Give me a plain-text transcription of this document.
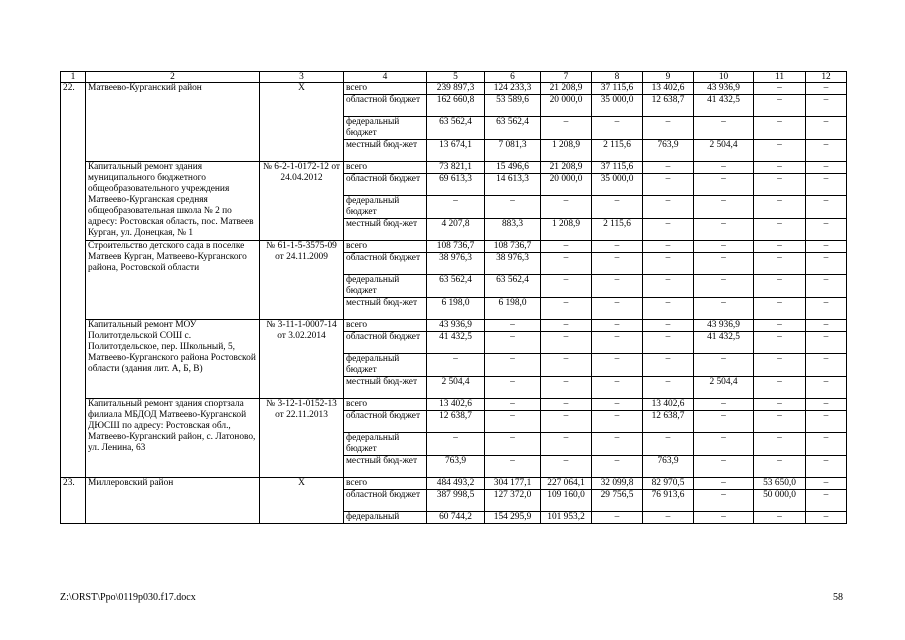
1	2	3	4	5	6	7	8	9	10	11	12
22.	Матвеево-Курганский район	Х	всего	239 897,3	124 233,3	21 208,9	37 115,6	13 402,6	43 936,9	–	–
			областной бюджет	162 660,8	53 589,6	20 000,0	35 000,0	12 638,7	41 432,5	–	–
			федеральный бюджет	63 562,4	63 562,4	–	–	–	–	–	–
			местный бюд-жет	13 674,1	7 081,3	1 208,9	2 115,6	763,9	2 504,4	–	–
	Капитальный ремонт здания муниципального бюджетного общеобразовательного учреждения Матвеево-Курганская средняя общеобразовательная школа № 2 по адресу: Ростовская область, пос. Матвеев Курган, ул. Донецкая, № 1	№ 6-2-1-0172-12 от 24.04.2012	всего	73 821,1	15 496,6	21 208,9	37 115,6	–	–	–	–
			областной бюджет	69 613,3	14 613,3	20 000,0	35 000,0	–	–	–	–
			федеральный бюджет	–	–	–	–	–	–	–	–
			местный бюд-жет	4 207,8	883,3	1 208,9	2 115,6	–	–	–	–
	Строительство детского сада в поселке Матвеев Курган, Матвеево-Курганского района, Ростовской области	№ 61-1-5-3575-09 от 24.11.2009	всего	108 736,7	108 736,7	–	–	–	–	–	–
			областной бюджет	38 976,3	38 976,3	–	–	–	–	–	–
			федеральный бюджет	63 562,4	63 562,4	–	–	–	–	–	–
			местный бюд-жет	6 198,0	6 198,0	–	–	–	–	–	–
	Капитальный ремонт МОУ Политотдельской СОШ с. Политотдельское, пер. Школьный, 5, Матвеево-Курганского района Ростовской области (здания лит. А, Б, В)	№ 3-11-1-0007-14 от 3.02.2014	всего	43 936,9	–	–	–	–	43 936,9	–	–
			областной бюджет	41 432,5	–	–	–	–	41 432,5	–	–
			федеральный бюджет	–	–	–	–	–	–	–	–
			местный бюд-жет	2 504,4	–	–	–	–	2 504,4	–	–
	Капитальный ремонт здания спортзала филиала МБДОД Матвеево-Курганской ДЮСШ по адресу: Ростовская обл., Матвеево-Курганский район, с. Латоново, ул. Ленина, 63	№ 3-12-1-0152-13 от 22.11.2013	всего	13 402,6	–	–	–	13 402,6	–	–	–
			областной бюджет	12 638,7	–	–	–	12 638,7	–	–	–
			федеральный бюджет	–	–	–	–	–	–	–	–
			местный бюд-жет	763,9	–	–	–	763,9	–	–	–
23.	Миллеровский район	Х	всего	484 493,2	304 177,1	227 064,1	32 099,8	82 970,5	–	53 650,0	–
			областной бюджет	387 998,5	127 372,0	109 160,0	29 756,5	76 913,6	–	50 000,0	–
			федеральный	60 744,2	154 295,9	101 953,2	–	–	–	–	–
Z:\ORST\Ppo\0119p030.f17.docx	58
